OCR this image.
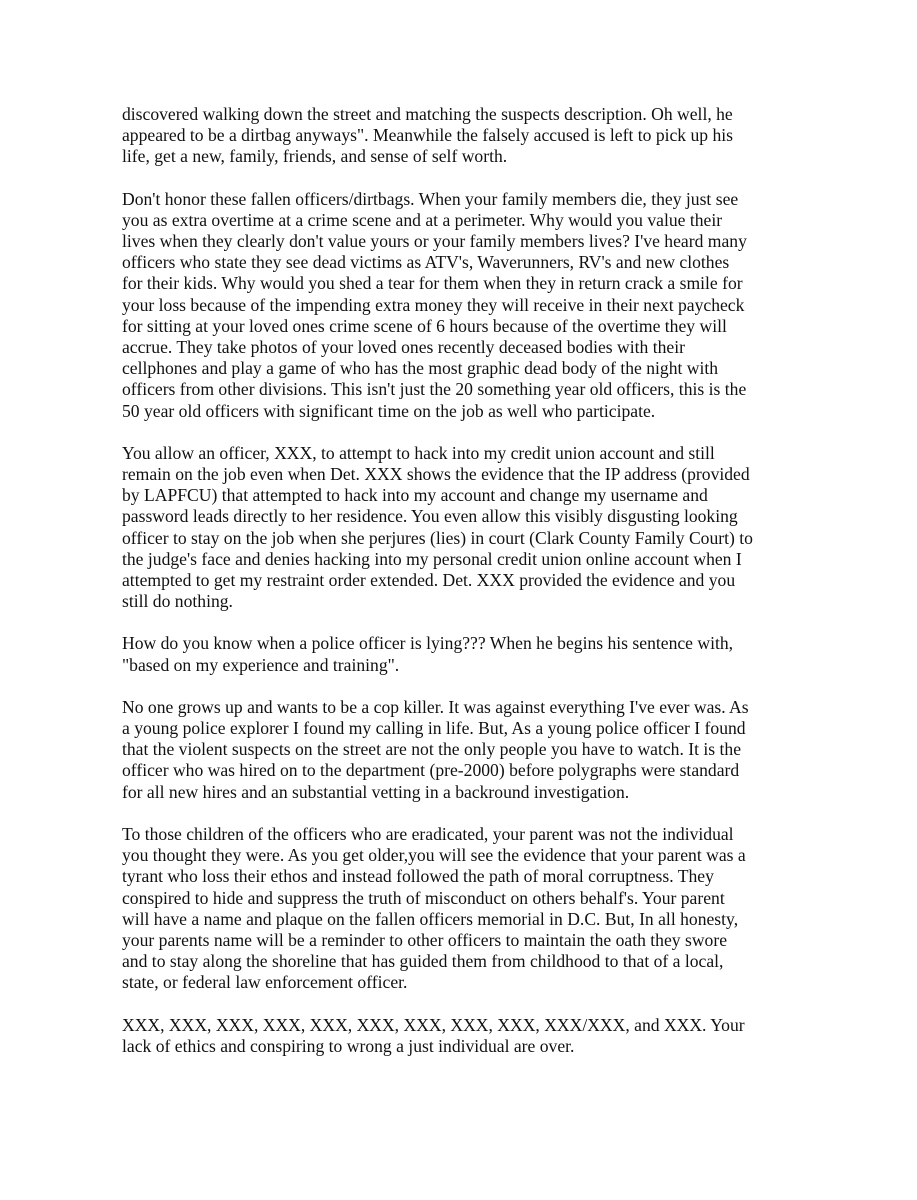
discovered walking down the street and matching the suspects description. Oh well, he
appeared to be a dirtbag anyways". Meanwhile the falsely accused is left to pick up his
life, get a new, family, friends, and sense of self worth.

Don't honor these fallen officers/dirtbags. When your family members die, they just see
you as extra overtime at a crime scene and at a perimeter. Why would you value their
lives when they clearly don't value yours or your family members lives? I've heard many
officers who state they see dead victims as ATV's, Waverunners, RV's and new clothes
for their kids. Why would you shed a tear for them when they in return crack a smile for
your loss because of the impending extra money they will receive in their next paycheck
for sitting at your loved ones crime scene of 6 hours because of the overtime they will
accrue. They take photos of your loved ones recently deceased bodies with their
cellphones and play a game of who has the most graphic dead body of the night with
officers from other divisions. This isn't just the 20 something year old officers, this is the
50 year old officers with significant time on the job as well who participate.

You allow an officer, XXX, to attempt to hack into my credit union account and still
remain on the job even when Det. XXX shows the evidence that the IP address (provided
by LAPFCU) that attempted to hack into my account and change my username and
password leads directly to her residence. You even allow this visibly disgusting looking
officer to stay on the job when she perjures (lies) in court (Clark County Family Court) to
the judge's face and denies hacking into my personal credit union online account when I
attempted to get my restraint order extended. Det. XXX provided the evidence and you
still do nothing.

How do you know when a police officer is lying??? When he begins his sentence with,
"based on my experience and training".

No one grows up and wants to be a cop killer. It was against everything I've ever was. As
a young police explorer I found my calling in life. But, As a young police officer I found
that the violent suspects on the street are not the only people you have to watch. It is the
officer who was hired on to the department (pre-2000) before polygraphs were standard
for all new hires and an substantial vetting in a backround investigation.

To those children of the officers who are eradicated, your parent was not the individual
you thought they were. As you get older,you will see the evidence that your parent was a
tyrant who loss their ethos and instead followed the path of moral corruptness. They
conspired to hide and suppress the truth of misconduct on others behalf's. Your parent
will have a name and plaque on the fallen officers memorial in D.C. But, In all honesty,
your parents name will be a reminder to other officers to maintain the oath they swore
and to stay along the shoreline that has guided them from childhood to that of a local,
state, or federal law enforcement officer.

XXX, XXX, XXX, XXX, XXX, XXX, XXX, XXX, XXX, XXX/XXX, and XXX. Your
lack of ethics and conspiring to wrong a just individual are over.
